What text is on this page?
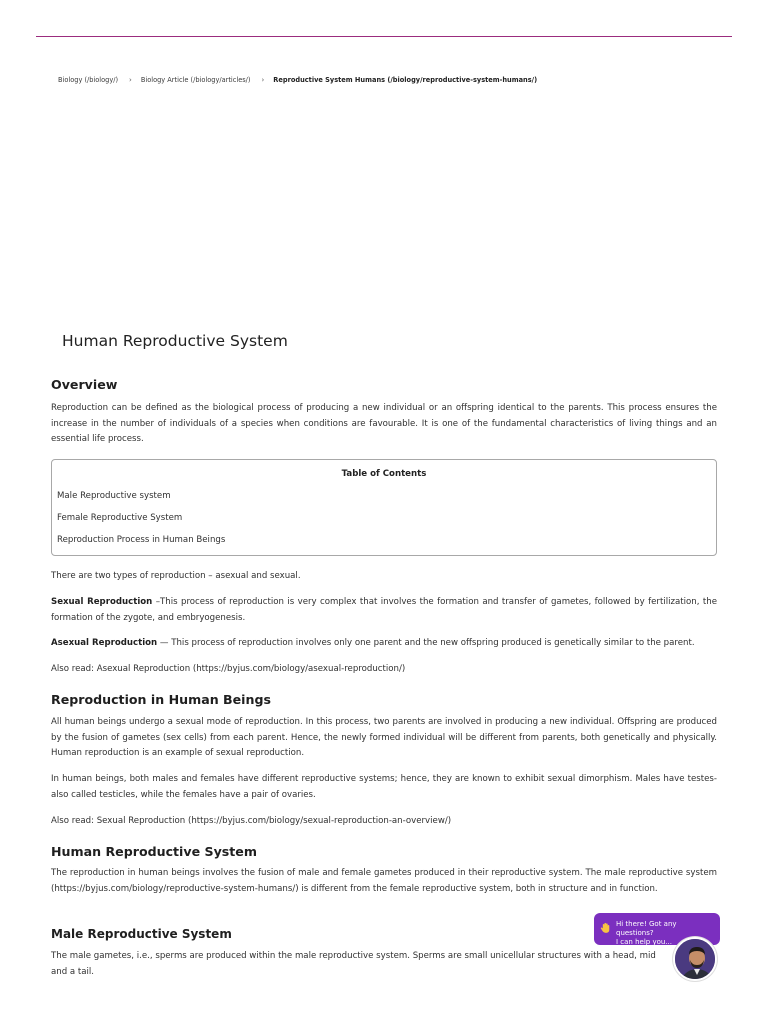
Biology (/biology/) › Biology Article (/biology/articles/) › Reproductive System Humans (/biology/reproductive-system-humans/)
Human Reproductive System
Overview

Reproduction can be defined as the biological process of producing a new individual or an offspring identical to the parents. This process ensures the increase in the number of individuals of a species when conditions are favourable. It is one of the fundamental characteristics of living things and an essential life process.

Table of Contents
Male Reproductive system
Female Reproductive System
Reproduction Process in Human Beings

There are two types of reproduction – asexual and sexual.

Sexual Reproduction –This process of reproduction is very complex that involves the formation and transfer of gametes, followed by fertilization, the formation of the zygote, and embryogenesis.

Asexual Reproduction — This process of reproduction involves only one parent and the new offspring produced is genetically similar to the parent.

Also read: Asexual Reproduction (https://byjus.com/biology/asexual-reproduction/)

Reproduction in Human Beings

All human beings undergo a sexual mode of reproduction. In this process, two parents are involved in producing a new individual. Offspring are produced by the fusion of gametes (sex cells) from each parent. Hence, the newly formed individual will be different from parents, both genetically and physically. Human reproduction is an example of sexual reproduction.

In human beings, both males and females have different reproductive systems; hence, they are known to exhibit sexual dimorphism. Males have testes- also called testicles, while the females have a pair of ovaries.

Also read: Sexual Reproduction (https://byjus.com/biology/sexual-reproduction-an-overview/)

Human Reproductive System

The reproduction in human beings involves the fusion of male and female gametes produced in their reproductive system. The male reproductive system (https://byjus.com/biology/reproductive-system-humans/) is different from the female reproductive system, both in structure and in function.

Male Reproductive System

The male gametes, i.e., sperms are produced within the male reproductive system. Sperms are small unicellular structures with a head, mid
and a tail.

Hi there! Got any questions?
I can help you...
